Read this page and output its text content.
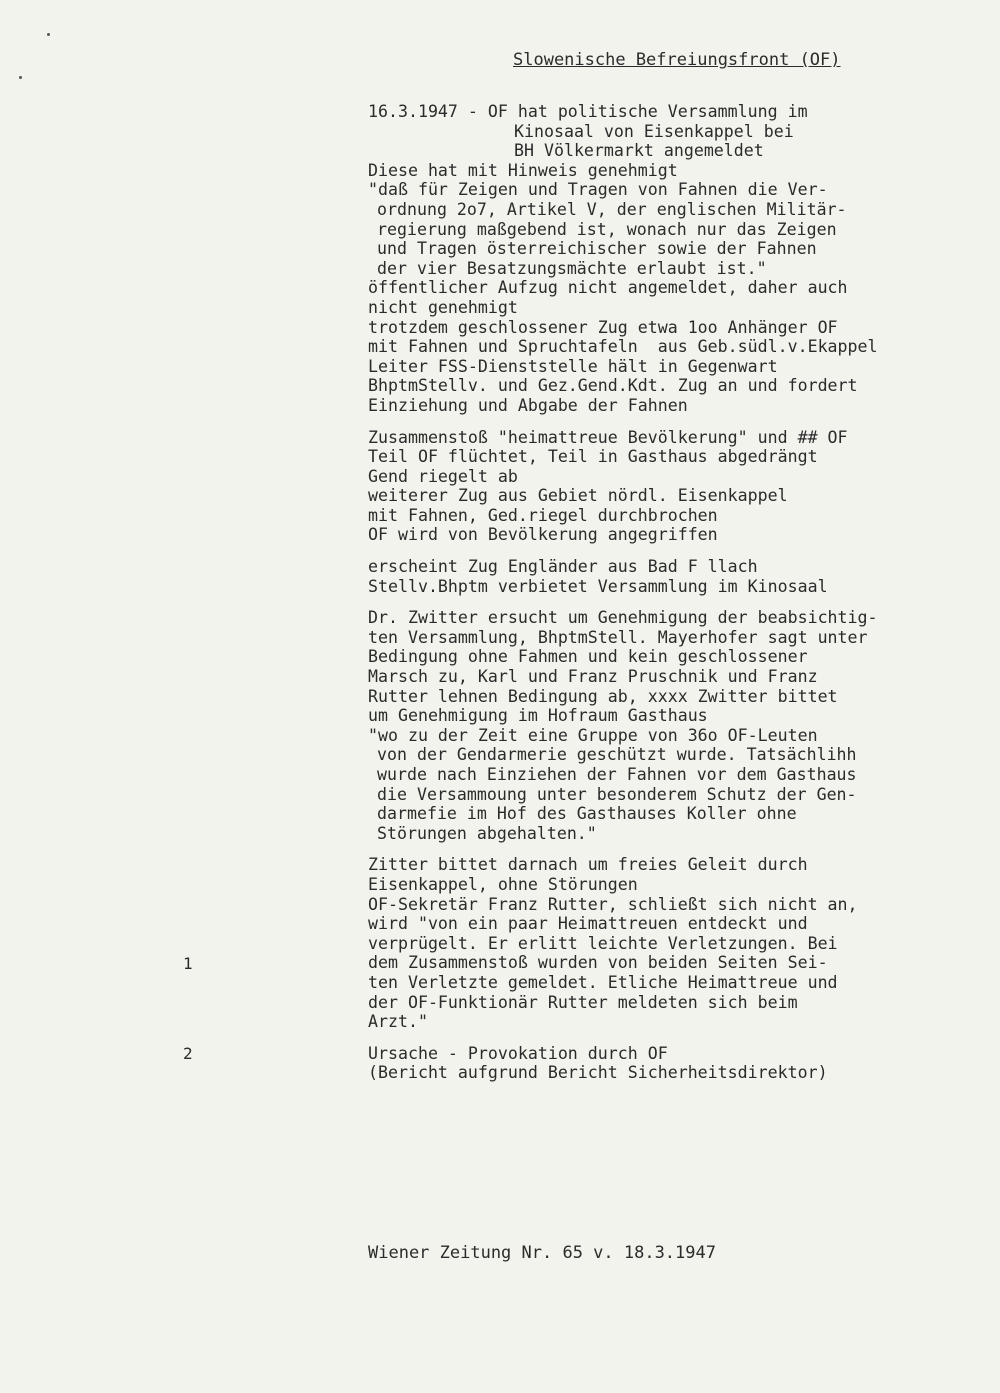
Slowenische Befreiungsfront (OF)
16.3.1947 - OF hat politische Versammlung im
Kinosaal von Eisenkappel bei
BH Völkermarkt angemeldet
Diese hat mit Hinweis genehmigt
"daß für Zeigen und Tragen von Fahnen die Ver-
ordnung 2o7, Artikel V, der englischen Militär-
regierung maßgebend ist, wonach nur das Zeigen
und Tragen österreichischer sowie der Fahnen
der vier Besatzungsmächte erlaubt ist."
öffentlicher Aufzug nicht angemeldet, daher auch
nicht genehmigt
trotzdem geschlossener Zug etwa 1oo Anhänger OF
mit Fahnen und Spruchtafeln  aus Geb.südl.v.Ekappel
Leiter FSS-Dienststelle hält in Gegenwart
BhptmStellv. und Gez.Gend.Kdt. Zug an und fordert
Einziehung und Abgabe der Fahnen
Zusammenstoß "heimattreue Bevölkerung" und ## OF
Teil OF flüchtet, Teil in Gasthaus abgedrängt
Gend riegelt ab
weiterer Zug aus Gebiet nördl. Eisenkappel
mit Fahnen, Ged.riegel durchbrochen
OF wird von Bevölkerung angegriffen
erscheint Zug Engländer aus Bad F llach
Stellv.Bhptm verbietet Versammlung im Kinosaal
Dr. Zwitter ersucht um Genehmigung der beabsichtig-
ten Versammlung, BhptmStell. Mayerhofer sagt unter
Bedingung ohne Fahmen und kein geschlossener
Marsch zu, Karl und Franz Pruschnik und Franz
Rutter lehnen Bedingung ab, xxxx Zwitter bittet
um Genehmigung im Hofraum Gasthaus
"wo zu der Zeit eine Gruppe von 36o OF-Leuten
von der Gendarmerie geschützt wurde. Tatsächlihh
wurde nach Einziehen der Fahnen vor dem Gasthaus
die Versammoung unter besonderem Schutz der Gen-
darmefie im Hof des Gasthauses Koller ohne
Störungen abgehalten."
Zitter bittet darnach um freies Geleit durch
Eisenkappel, ohne Störungen
OF-Sekretär Franz Rutter, schließt sich nicht an,
wird "von ein paar Heimattreuen entdeckt und
verprügelt. Er erlitt leichte Verletzungen. Bei
dem Zusammenstoß wurden von beiden Seiten Sei-
ten Verletzte gemeldet. Etliche Heimattreue und
der OF-Funktionär Rutter meldeten sich beim
Arzt."
Ursache - Provokation durch OF
(Bericht aufgrund Bericht Sicherheitsdirektor)
1
2
Wiener Zeitung Nr. 65 v. 18.3.1947
